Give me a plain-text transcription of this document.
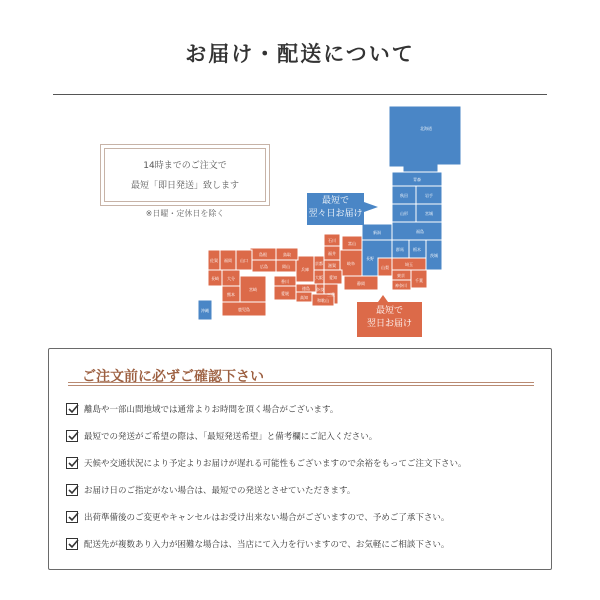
お届け・配送について
14時までのご注文で
最短「即日発送」致します
※日曜・定休日を除く
北海道
青森
秋田	岩手
山形	宮城
福島
新潟
群馬 栃木
茨城
長野
埼玉
東京
千葉
神奈川
山梨
静岡
富山
石川
福井
岐阜
滋賀
愛知
三重
京都
大阪
奈良
和歌山
兵庫
鳥取
島根
岡山
広島
山口
香川
徳島
愛媛
高知
福岡
佐賀
長崎 大分
熊本
宮崎
鹿児島
沖縄
最短で
翌々日お届け
最短で
翌日お届け
ご注文前に必ずご確認下さい
離島や一部山間地域では通常よりお時間を頂く場合がございます。
最短での発送がご希望の際は、「最短発送希望」と備考欄にご記入ください。
天候や交通状況により予定よりお届けが遅れる可能性もございますので余裕をもってご注文下さい。
お届け日のご指定がない場合は、最短での発送とさせていただきます。
出荷準備後のご変更やキャンセルはお受け出来ない場合がございますので、予めご了承下さい。
配送先が複数あり入力が困難な場合は、当店にて入力を行いますので、お気軽にご相談下さい。
